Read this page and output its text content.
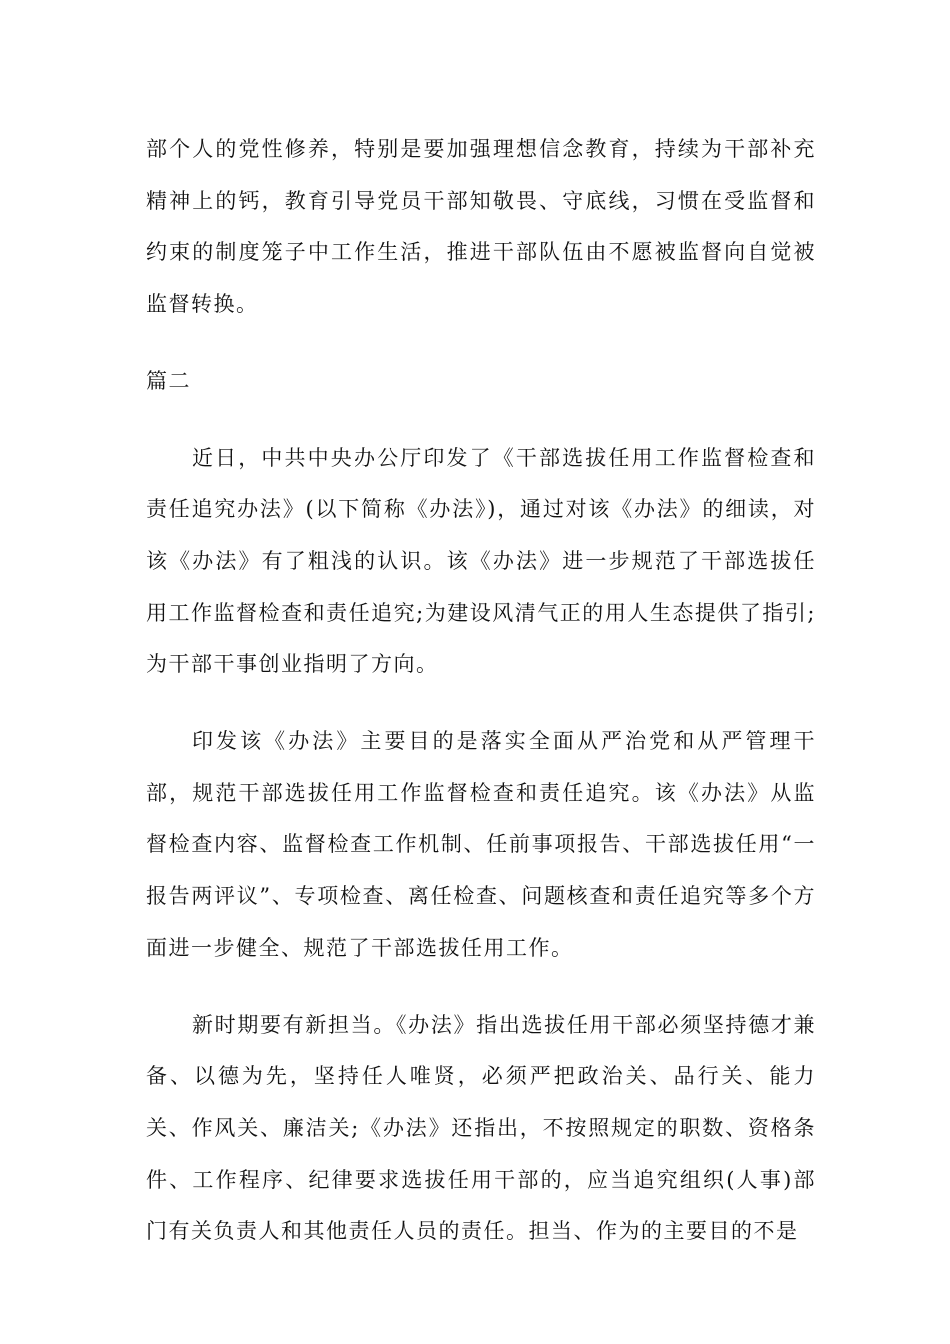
部个人的党性修养，特别是要加强理想信念教育，持续为干部补充精神上的钙，教育引导党员干部知敬畏、守底线，习惯在受监督和约束的制度笼子中工作生活，推进干部队伍由不愿被监督向自觉被监督转换。

篇二

近日，中共中央办公厅印发了《干部选拔任用工作监督检查和责任追究办法》(以下简称《办法》)，通过对该《办法》的细读，对该《办法》有了粗浅的认识。该《办法》进一步规范了干部选拔任用工作监督检查和责任追究;为建设风清气正的用人生态提供了指引;为干部干事创业指明了方向。

印发该《办法》主要目的是落实全面从严治党和从严管理干部，规范干部选拔任用工作监督检查和责任追究。该《办法》从监督检查内容、监督检查工作机制、任前事项报告、干部选拔任用“一报告两评议”、专项检查、离任检查、问题核查和责任追究等多个方面进一步健全、规范了干部选拔任用工作。

新时期要有新担当。《办法》指出选拔任用干部必须坚持德才兼备、以德为先，坚持任人唯贤，必须严把政治关、品行关、能力关、作风关、廉洁关;《办法》还指出，不按照规定的职数、资格条件、工作程序、纪律要求选拔任用干部的，应当追究组织(人事)部门有关负责人和其他责任人员的责任。担当、作为的主要目的不是
